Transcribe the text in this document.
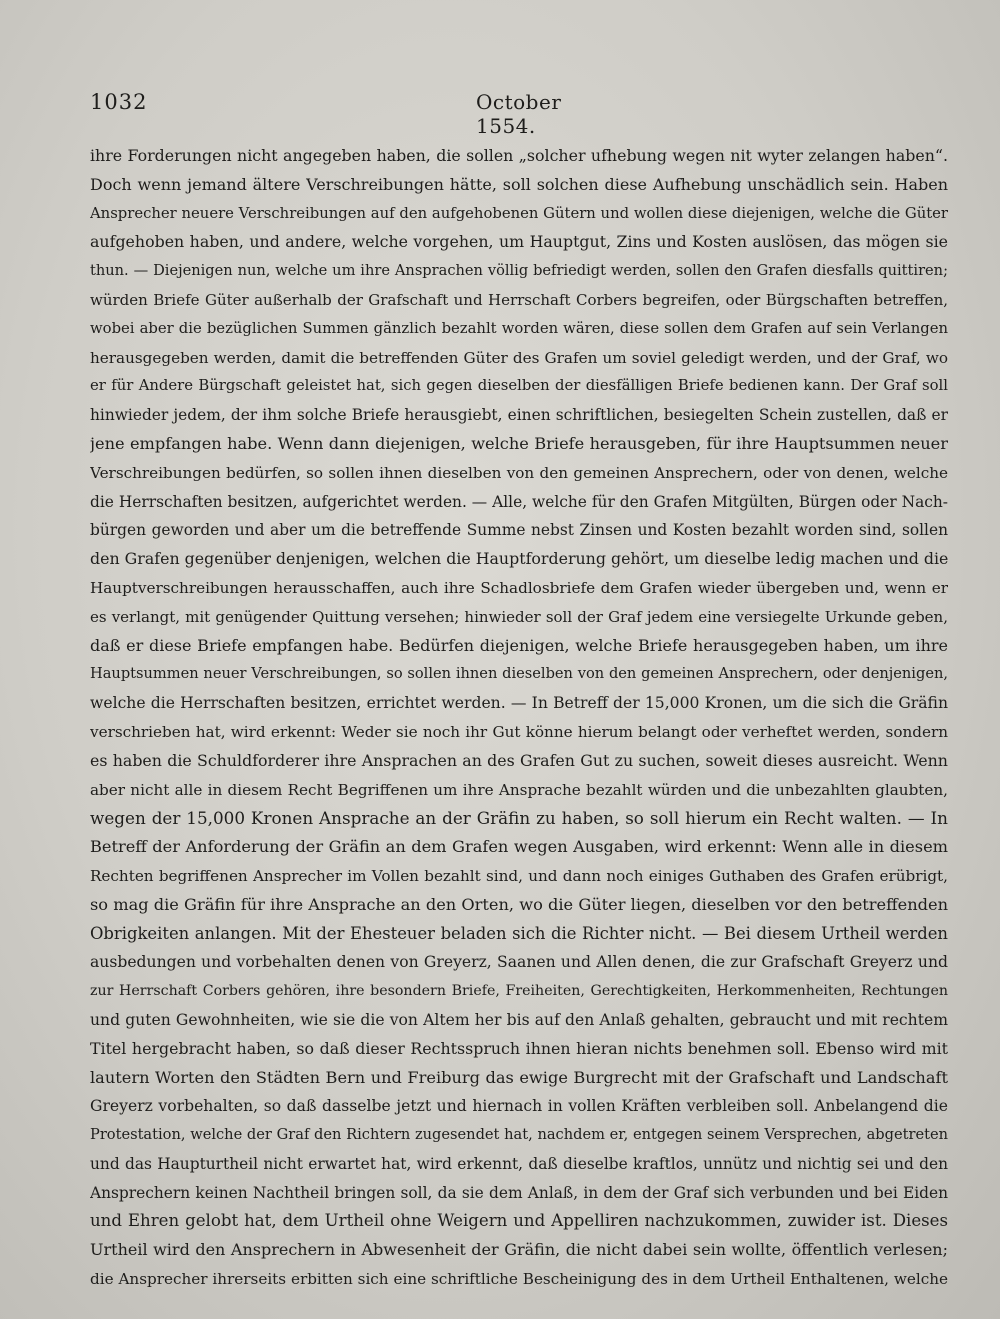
1032	October 1554.
ihre Forderungen nicht angegeben haben, die sollen „solcher ufhebung wegen nit wyter zelangen haben“.
Doch wenn jemand ältere Verschreibungen hätte, soll solchen diese Aufhebung unschädlich sein. Haben
Ansprecher neuere Verschreibungen auf den aufgehobenen Gütern und wollen diese diejenigen, welche die Güter
aufgehoben haben, und andere, welche vorgehen, um Hauptgut, Zins und Kosten auslösen, das mögen sie
thun. — Diejenigen nun, welche um ihre Ansprachen völlig befriedigt werden, sollen den Grafen diesfalls quittiren;
würden Briefe Güter außerhalb der Grafschaft und Herrschaft Corbers begreifen, oder Bürgschaften betreffen,
wobei aber die bezüglichen Summen gänzlich bezahlt worden wären, diese sollen dem Grafen auf sein Verlangen
herausgegeben werden, damit die betreffenden Güter des Grafen um soviel geledigt werden, und der Graf, wo
er für Andere Bürgschaft geleistet hat, sich gegen dieselben der diesfälligen Briefe bedienen kann. Der Graf soll
hinwieder jedem, der ihm solche Briefe herausgiebt, einen schriftlichen, besiegelten Schein zustellen, daß er
jene empfangen habe. Wenn dann diejenigen, welche Briefe herausgeben, für ihre Hauptsummen neuer
Verschreibungen bedürfen, so sollen ihnen dieselben von den gemeinen Ansprechern, oder von denen, welche
die Herrschaften besitzen, aufgerichtet werden. — Alle, welche für den Grafen Mitgülten, Bürgen oder Nach-
bürgen geworden und aber um die betreffende Summe nebst Zinsen und Kosten bezahlt worden sind, sollen
den Grafen gegenüber denjenigen, welchen die Hauptforderung gehört, um dieselbe ledig machen und die
Hauptverschreibungen herausschaffen, auch ihre Schadlosbriefe dem Grafen wieder übergeben und, wenn er
es verlangt, mit genügender Quittung versehen; hinwieder soll der Graf jedem eine versiegelte Urkunde geben,
daß er diese Briefe empfangen habe. Bedürfen diejenigen, welche Briefe herausgegeben haben, um ihre
Hauptsummen neuer Verschreibungen, so sollen ihnen dieselben von den gemeinen Ansprechern, oder denjenigen,
welche die Herrschaften besitzen, errichtet werden. — In Betreff der 15,000 Kronen, um die sich die Gräfin
verschrieben hat, wird erkennt: Weder sie noch ihr Gut könne hierum belangt oder verheftet werden, sondern
es haben die Schuldforderer ihre Ansprachen an des Grafen Gut zu suchen, soweit dieses ausreicht. Wenn
aber nicht alle in diesem Recht Begriffenen um ihre Ansprache bezahlt würden und die unbezahlten glaubten,
wegen der 15,000 Kronen Ansprache an der Gräfin zu haben, so soll hierum ein Recht walten. — In
Betreff der Anforderung der Gräfin an dem Grafen wegen Ausgaben, wird erkennt: Wenn alle in diesem
Rechten begriffenen Ansprecher im Vollen bezahlt sind, und dann noch einiges Guthaben des Grafen erübrigt,
so mag die Gräfin für ihre Ansprache an den Orten, wo die Güter liegen, dieselben vor den betreffenden
Obrigkeiten anlangen. Mit der Ehesteuer beladen sich die Richter nicht. — Bei diesem Urtheil werden
ausbedungen und vorbehalten denen von Greyerz, Saanen und Allen denen, die zur Grafschaft Greyerz und
zur Herrschaft Corbers gehören, ihre besondern Briefe, Freiheiten, Gerechtigkeiten, Herkommenheiten, Rechtungen
und guten Gewohnheiten, wie sie die von Altem her bis auf den Anlaß gehalten, gebraucht und mit rechtem
Titel hergebracht haben, so daß dieser Rechtsspruch ihnen hieran nichts benehmen soll. Ebenso wird mit
lautern Worten den Städten Bern und Freiburg das ewige Burgrecht mit der Grafschaft und Landschaft
Greyerz vorbehalten, so daß dasselbe jetzt und hiernach in vollen Kräften verbleiben soll. Anbelangend die
Protestation, welche der Graf den Richtern zugesendet hat, nachdem er, entgegen seinem Versprechen, abgetreten
und das Haupturtheil nicht erwartet hat, wird erkennt, daß dieselbe kraftlos, unnütz und nichtig sei und den
Ansprechern keinen Nachtheil bringen soll, da sie dem Anlaß, in dem der Graf sich verbunden und bei Eiden
und Ehren gelobt hat, dem Urtheil ohne Weigern und Appelliren nachzukommen, zuwider ist. Dieses
Urtheil wird den Ansprechern in Abwesenheit der Gräfin, die nicht dabei sein wollte, öffentlich verlesen;
die Ansprecher ihrerseits erbitten sich eine schriftliche Bescheinigung des in dem Urtheil Enthaltenen, welche
